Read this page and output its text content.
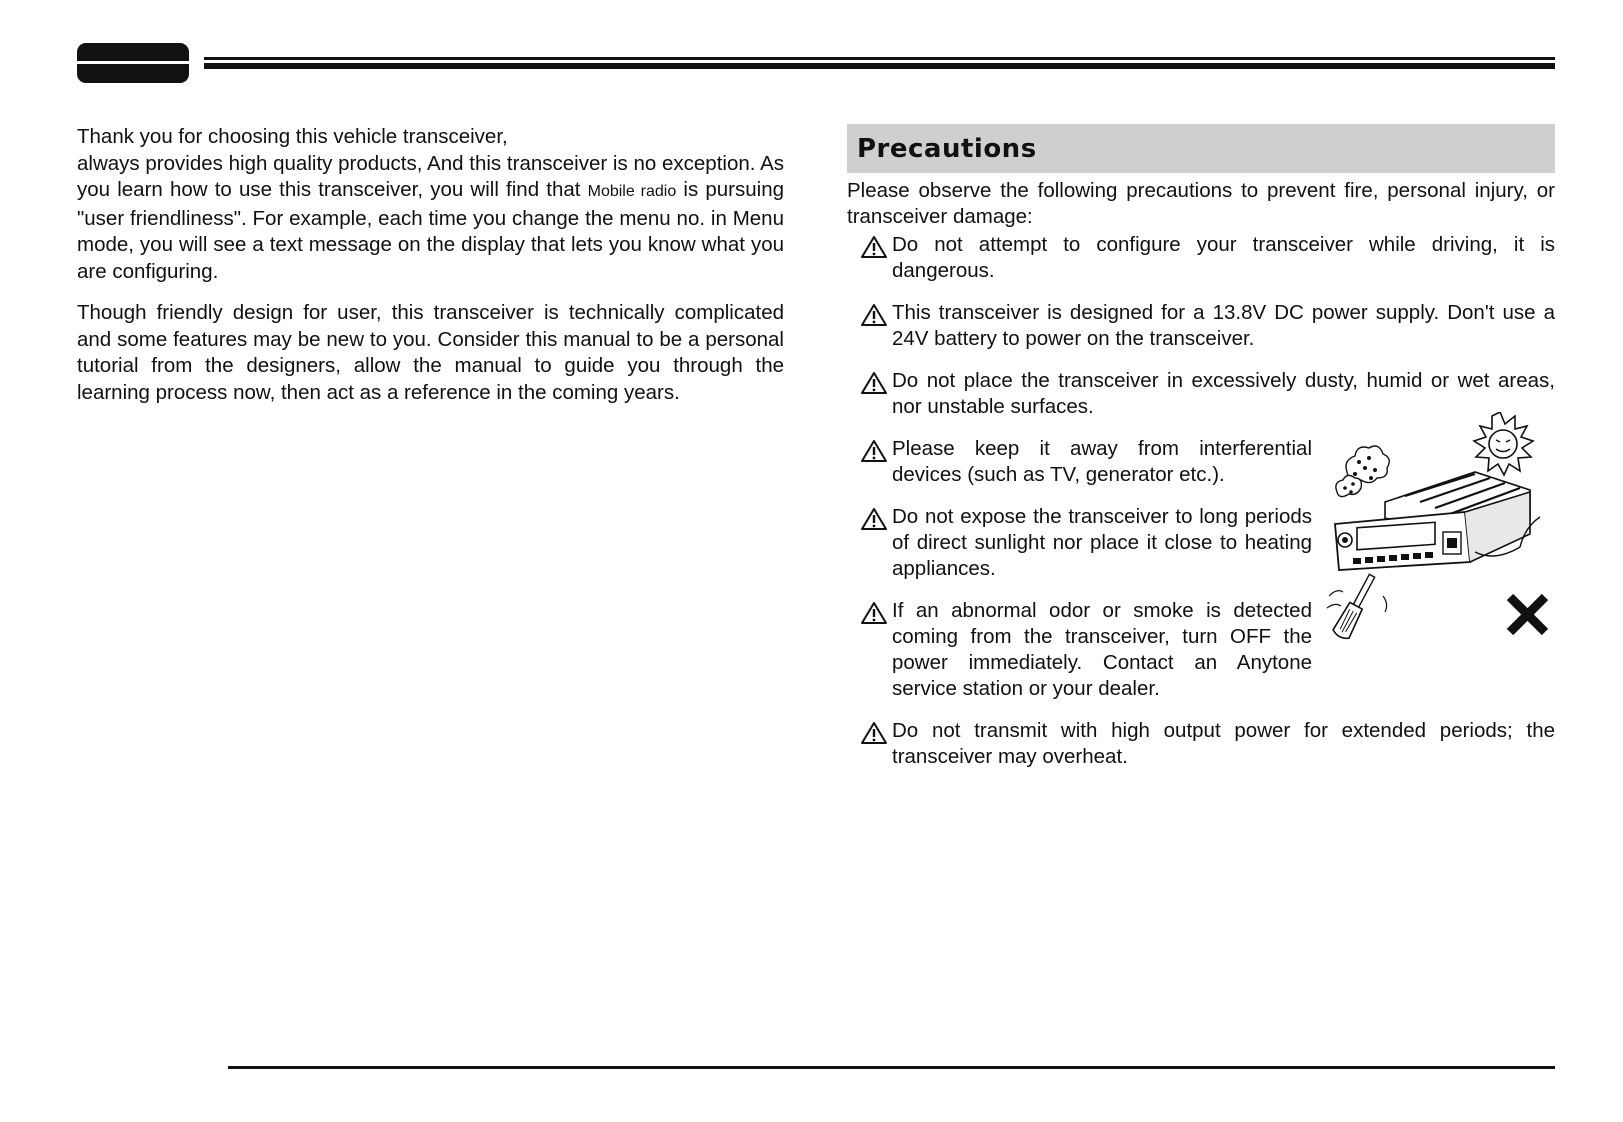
Thank you for choosing this vehicle transceiver,
always provides high quality products, And this transceiver is no exception. As you learn how to use this transceiver, you will find that Mobile radio is pursuing "user friendliness". For example, each time you change the menu no. in Menu mode, you will see a text message on the display that lets you know what you are configuring.

Though friendly design for user, this transceiver is technically complicated and some features may be new to you. Consider this manual to be a personal tutorial from the designers, allow the manual to guide you through the learning process now, then act as a reference in the coming years.

Precautions

Please observe the following precautions to prevent fire, personal injury, or transceiver damage:

Do not attempt to configure your transceiver while driving, it is dangerous.
This transceiver is designed for a 13.8V DC power supply. Don't use a 24V battery to power on the transceiver.
Do not place the transceiver in excessively dusty, humid or wet areas, nor unstable surfaces.
Please keep it away from interferential devices (such as TV, generator etc.).
Do not expose the transceiver to long periods of direct sunlight nor place it close to heating appliances.
If an abnormal odor or smoke is detected coming from the transceiver, turn OFF the power immediately. Contact an Anytone service station or your dealer.
Do not transmit with high output power for extended periods; the transceiver may overheat.
